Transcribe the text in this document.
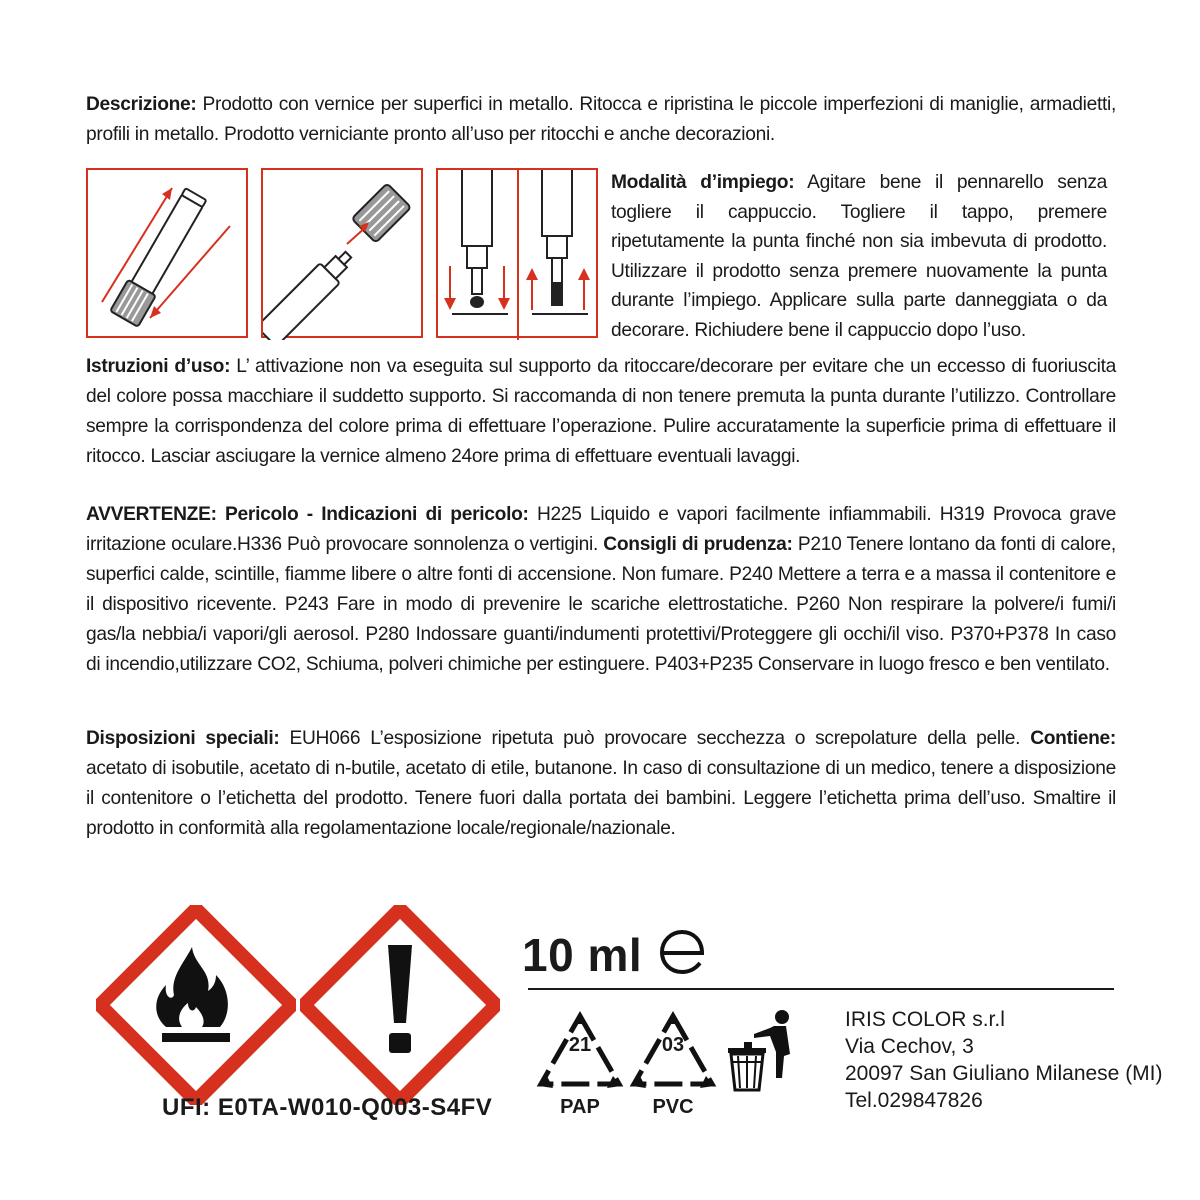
Descrizione: Prodotto con vernice per superfici in metallo. Ritocca e ripristina le piccole imperfezioni di maniglie, armadietti, profili in metallo. Prodotto verniciante pronto all’uso per ritocchi e anche decorazioni.
Modalità d’impiego: Agitare bene il pennarello senza togliere il cappuccio. Togliere il tappo, premere ripetutamente la punta finché non sia imbevuta di prodotto. Utilizzare il prodotto senza premere nuovamente la punta durante l’impiego. Applicare sulla parte danneggiata o da decorare. Richiudere bene il cappuccio dopo l’uso.
Istruzioni d’uso: L’ attivazione non va eseguita sul supporto da ritoccare/decorare per evitare che un eccesso di fuoriuscita del colore possa macchiare il suddetto supporto. Si raccomanda di non tenere premuta la punta durante l’utilizzo. Controllare sempre la corrispondenza del colore prima di effettuare l’operazione. Pulire accuratamente la superficie prima di effettuare il ritocco. Lasciar asciugare la vernice almeno 24ore prima di effettuare eventuali lavaggi.
AVVERTENZE: Pericolo - Indicazioni di pericolo: H225 Liquido e vapori facilmente infiammabili. H319 Provoca grave irritazione oculare.H336 Può provocare sonnolenza o vertigini. Consigli di prudenza: P210 Tenere lontano da fonti di calore, superfici calde, scintille, fiamme libere o altre fonti di accensione. Non fumare. P240 Mettere a terra e a massa il contenitore e il dispositivo ricevente. P243 Fare in modo di prevenire le scariche elettrostatiche. P260 Non respirare la polvere/i fumi/i gas/la nebbia/i vapori/gli aerosol. P280 Indossare guanti/indumenti protettivi/Proteggere gli occhi/il viso. P370+P378 In caso di incendio,utilizzare CO2, Schiuma, polveri chimiche per estinguere. P403+P235 Conservare in luogo fresco e ben ventilato.
Disposizioni speciali: EUH066 L’esposizione ripetuta può provocare secchezza o screpolature della pelle. Contiene: acetato di isobutile, acetato di n-butile, acetato di etile, butanone. In caso di consultazione di un medico, tenere a disposizione il contenitore o l’etichetta del prodotto. Tenere fuori dalla portata dei bambini. Leggere l’etichetta prima dell’uso. Smaltire il prodotto in conformità alla regolamentazione locale/regionale/nazionale.
UFI: E0TA-W010-Q003-S4FV
10 ml
21	03
PAP	PVC
IRIS COLOR s.r.l
Via Cechov, 3
20097 San Giuliano Milanese (MI)
Tel.029847826
